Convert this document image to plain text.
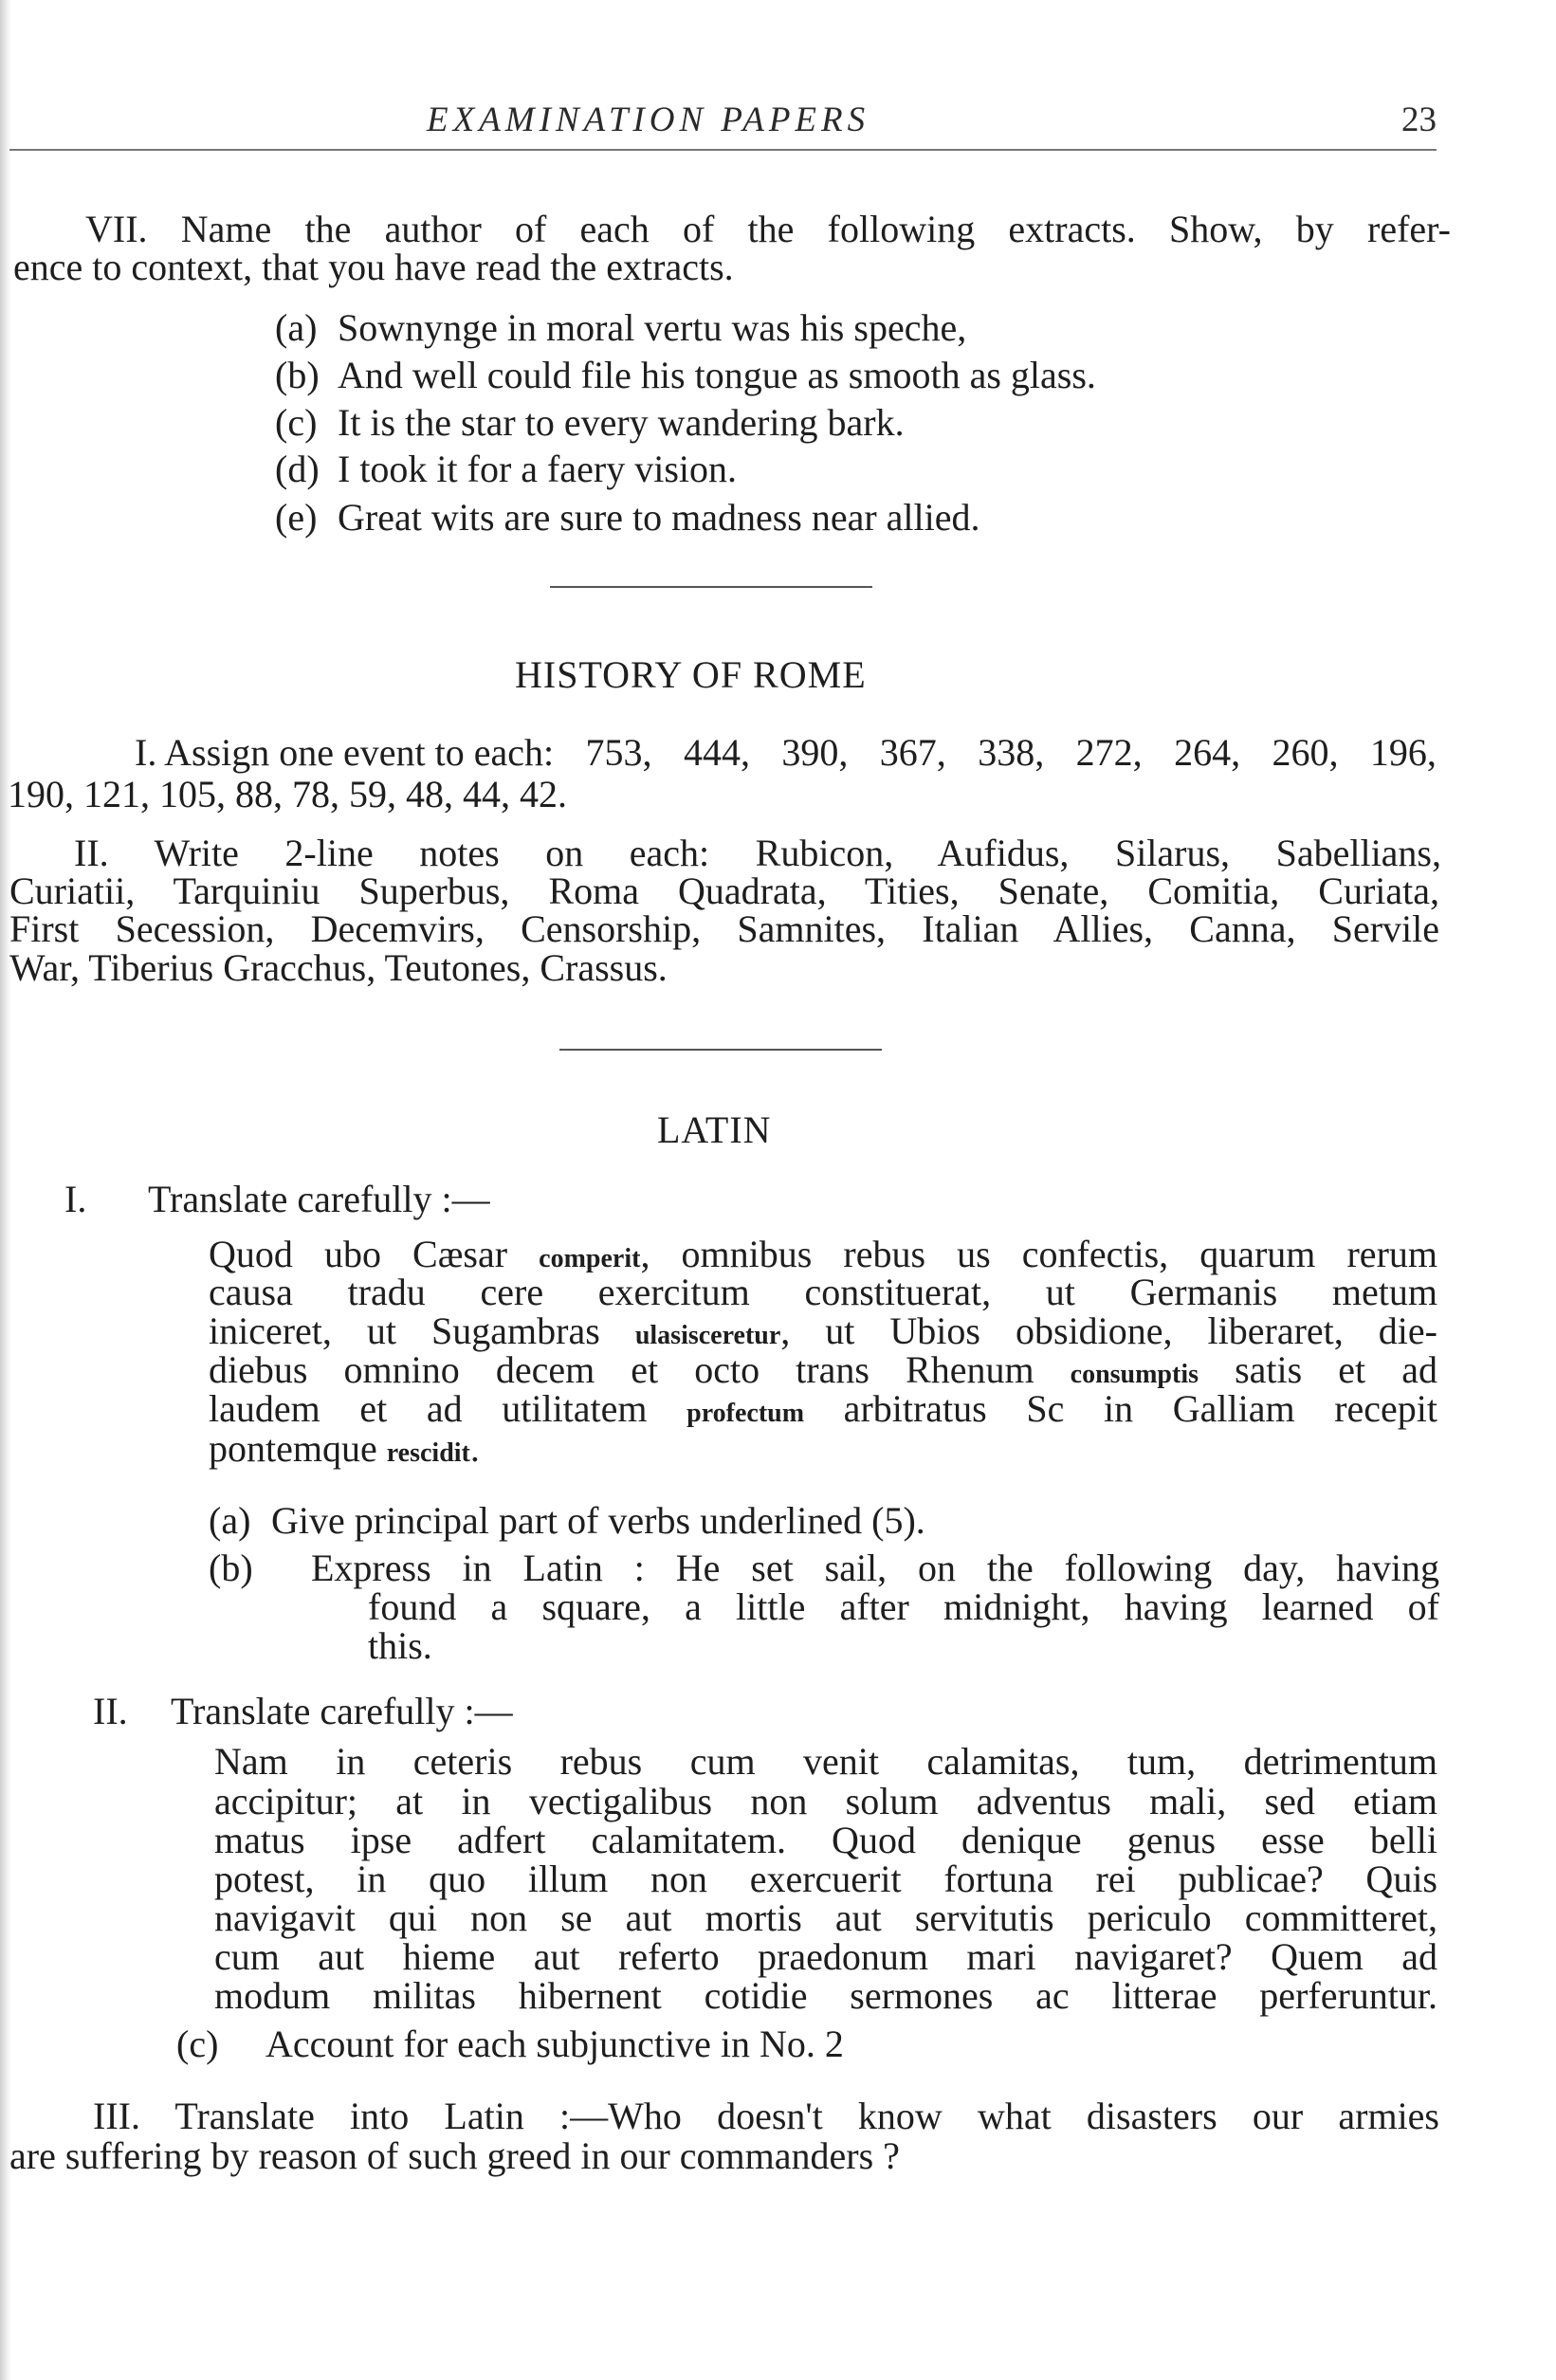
EXAMINATION PAPERS	23
VII. Name the author of each of the following extracts. Show, by refer-
ence to context, that you have read the extracts.
(a) Sownynge in moral vertu was his speche,
(b) And well could file his tongue as smooth as glass.
(c) It is the star to every wandering bark.
(d) I took it for a faery vision.
(e) Great wits are sure to madness near allied.
HISTORY OF ROME
I. Assign one event to each: 753, 444, 390, 367, 338, 272, 264, 260, 196,
190, 121, 105, 88, 78, 59, 48, 44, 42.
II. Write 2-line notes on each: Rubicon, Aufidus, Silarus, Sabellians,
Curiatii, Tarquiniu Superbus, Roma Quadrata, Tities, Senate, Comitia, Curiata,
First Secession, Decemvirs, Censorship, Samnites, Italian Allies, Canna, Servile
War, Tiberius Gracchus, Teutones, Crassus.
LATIN
I. Translate carefully :—
Quod ubo Cæsar comperit, omnibus rebus us confectis, quarum rerum
causa tradu cere exercitum constituerat, ut Germanis metum
iniceret, ut Sugambras ulasisceretur, ut Ubios obsidione, liberaret, die-
diebus omnino decem et octo trans Rhenum consumptis satis et ad
laudem et ad utilitatem profectum arbitratus Sc in Galliam recepit
pontemque rescidit.
(a) Give principal part of verbs underlined (5).
(b)	Express in Latin : He set sail, on the following day, having
found a square, a little after midnight, having learned of
this.
II. Translate carefully :—
Nam in ceteris rebus cum venit calamitas, tum, detrimentum
accipitur; at in vectigalibus non solum adventus mali, sed etiam
matus ipse adfert calamitatem. Quod denique genus esse belli
potest, in quo illum non exercuerit fortuna rei publicae? Quis
navigavit qui non se aut mortis aut servitutis periculo committeret,
cum aut hieme aut referto praedonum mari navigaret? Quem ad
modum militas hibernent cotidie sermones ac litterae perferuntur.
(c) Account for each subjunctive in No. 2
III. Translate into Latin :—Who doesn't know what disasters our armies
are suffering by reason of such greed in our commanders ?
